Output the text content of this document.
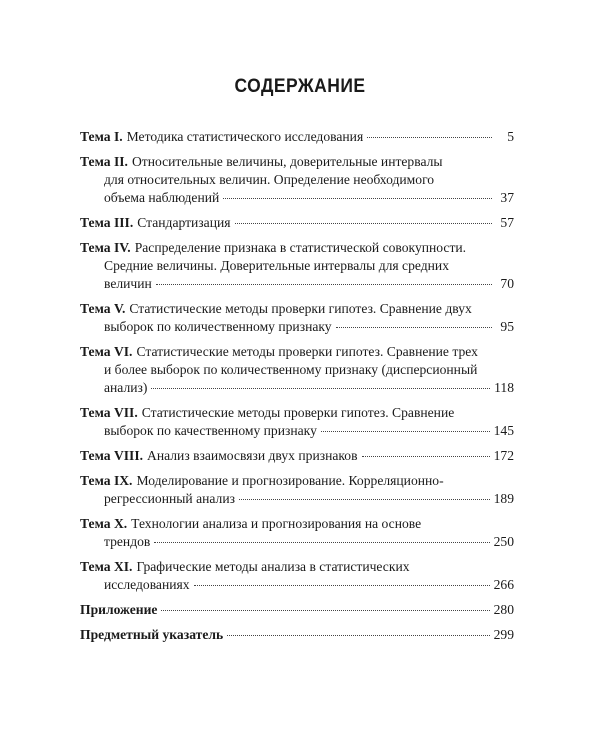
СОДЕРЖАНИЕ
Тема I. Методика статистического исследования	5
Тема II. Относительные величины, доверительные интервалы
для относительных величин. Определение необходимого
объема наблюдений	37
Тема III. Стандартизация	57
Тема IV. Распределение признака в статистической совокупности.
Средние величины. Доверительные интервалы для средних
величин	70
Тема V. Статистические методы проверки гипотез. Сравнение двух
выборок по количественному признаку	95
Тема VI. Статистические методы проверки гипотез. Сравнение трех
и более выборок по количественному признаку (дисперсионный
анализ)	118
Тема VII. Статистические методы проверки гипотез. Сравнение
выборок по качественному признаку	145
Тема VIII. Анализ взаимосвязи двух признаков	172
Тема IX. Моделирование и прогнозирование. Корреляционно-
регрессионный анализ	189
Тема X. Технологии анализа и прогнозирования на основе
трендов	250
Тема XI. Графические методы анализа в статистических
исследованиях	266
Приложение	280
Предметный указатель	299
